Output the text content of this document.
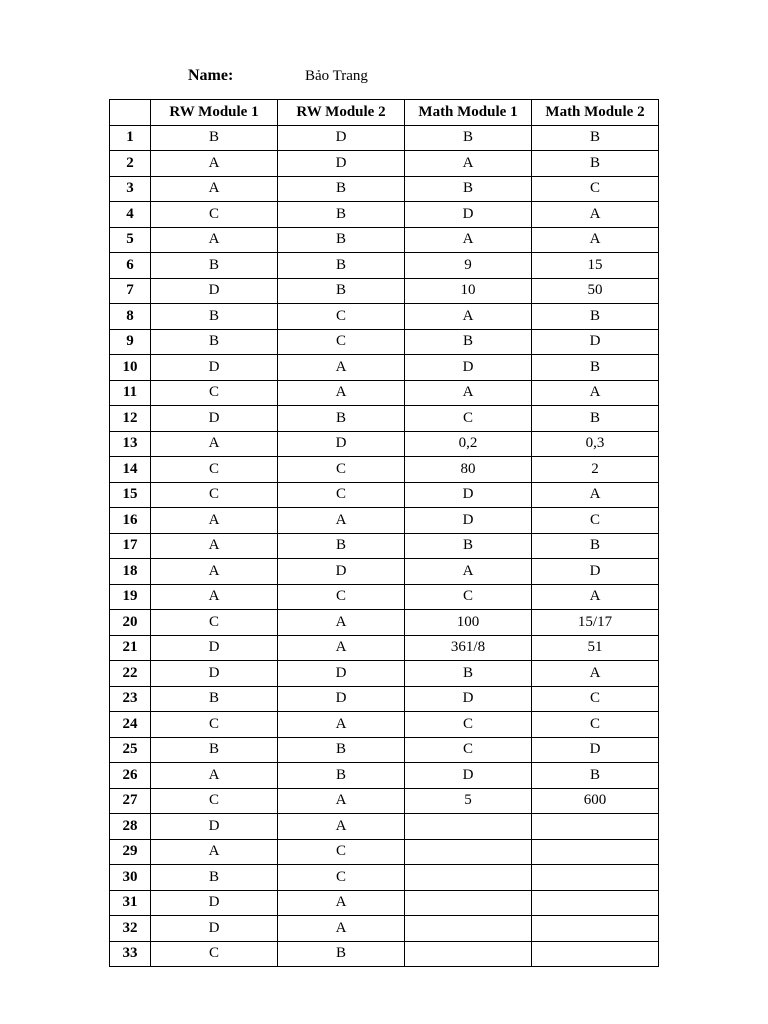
Name:	Bảo Trang
	RW Module 1	RW Module 2	Math Module 1	Math Module 2
1	B	D	B	B
2	A	D	A	B
3	A	B	B	C
4	C	B	D	A
5	A	B	A	A
6	B	B	9	15
7	D	B	10	50
8	B	C	A	B
9	B	C	B	D
10	D	A	D	B
11	C	A	A	A
12	D	B	C	B
13	A	D	0,2	0,3
14	C	C	80	2
15	C	C	D	A
16	A	A	D	C
17	A	B	B	B
18	A	D	A	D
19	A	C	C	A
20	C	A	100	15/17
21	D	A	361/8	51
22	D	D	B	A
23	B	D	D	C
24	C	A	C	C
25	B	B	C	D
26	A	B	D	B
27	C	A	5	600
28	D	A		
29	A	C		
30	B	C		
31	D	A		
32	D	A		
33	C	B		
